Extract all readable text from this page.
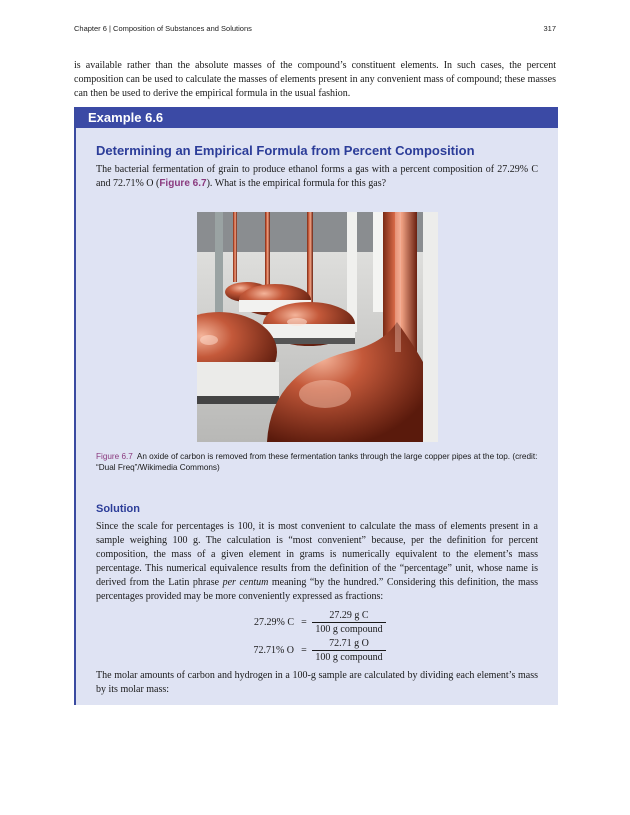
Chapter 6 | Composition of Substances and Solutions	317
is available rather than the absolute masses of the compound’s constituent elements. In such cases, the percent composition can be used to calculate the masses of elements present in any convenient mass of compound; these masses can then be used to derive the empirical formula in the usual fashion.
Example 6.6
Determining an Empirical Formula from Percent Composition
The bacterial fermentation of grain to produce ethanol forms a gas with a percent composition of 27.29% C and 72.71% O (Figure 6.7). What is the empirical formula for this gas?
Figure 6.7 An oxide of carbon is removed from these fermentation tanks through the large copper pipes at the top. (credit: “Dual Freq”/Wikimedia Commons)
Solution
Since the scale for percentages is 100, it is most convenient to calculate the mass of elements present in a sample weighing 100 g. The calculation is “most convenient” because, per the definition for percent composition, the mass of a given element in grams is numerically equivalent to the element’s mass percentage. This numerical equivalence results from the definition of the “percentage” unit, whose name is derived from the Latin phrase per centum meaning “by the hundred.” Considering this definition, the mass percentages provided may be more conveniently expressed as fractions:
27.29% C =
27.29 g C
100 g compound
72.71% O =
72.71 g O
100 g compound
The molar amounts of carbon and hydrogen in a 100-g sample are calculated by dividing each element’s mass by its molar mass:
